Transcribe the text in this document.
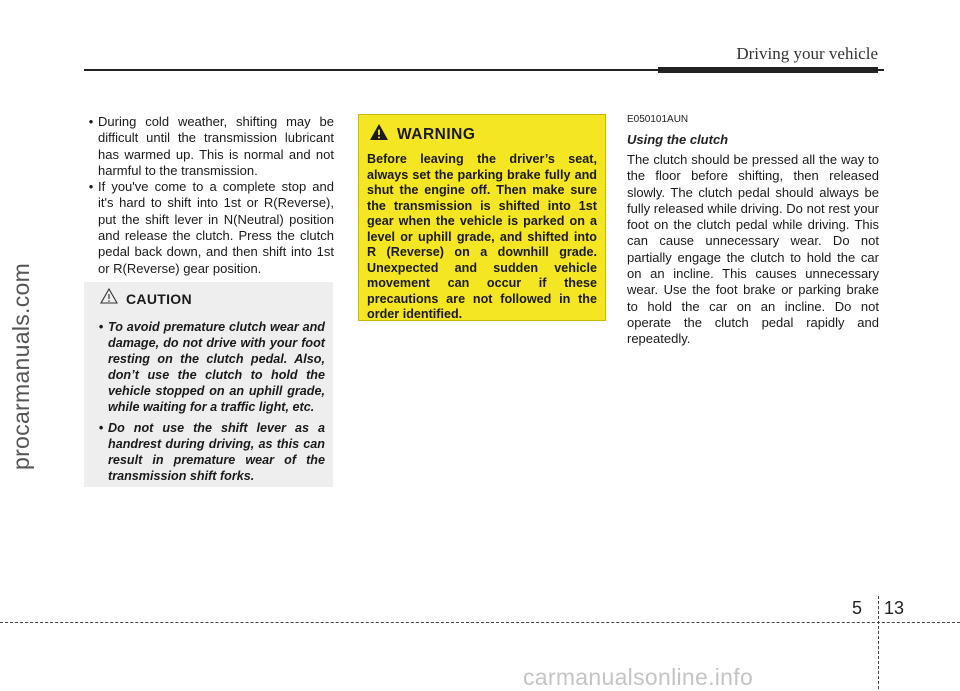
Driving your vehicle
procarmanuals.com
• During cold weather, shifting may be difficult until the transmission lubricant has warmed up. This is normal and not harmful to the transmission.
• If you've come to a complete stop and it's hard to shift into 1st or R(Reverse), put the shift lever in N(Neutral) position and release the clutch. Press the clutch pedal back down, and then shift into 1st or R(Reverse) gear position.
CAUTION
• To avoid premature clutch wear and damage, do not drive with your foot resting on the clutch pedal. Also, don’t use the clutch to hold the vehicle stopped on an uphill grade, while waiting for a traffic light, etc.
• Do not use the shift lever as a handrest during driving, as this can result in premature wear of the transmission shift forks.
WARNING
Before leaving the driver’s seat, always set the parking brake fully and shut the engine off. Then make sure the transmission is shifted into 1st gear when the vehicle is parked on a level or uphill grade, and shifted into R (Reverse) on a downhill grade. Unexpected and sudden vehicle movement can occur if these precautions are not followed in the order identified.
E050101AUN
Using the clutch
The clutch should be pressed all the way to the floor before shifting, then released slowly. The clutch pedal should always be fully released while driving. Do not rest your foot on the clutch pedal while driving. This can cause unnecessary wear. Do not partially engage the clutch to hold the car on an incline. This causes unnecessary wear. Use the foot brake or parking brake to hold the car on an incline. Do not operate the clutch pedal rapidly and repeatedly.
5 13
carmanualsonline.info
